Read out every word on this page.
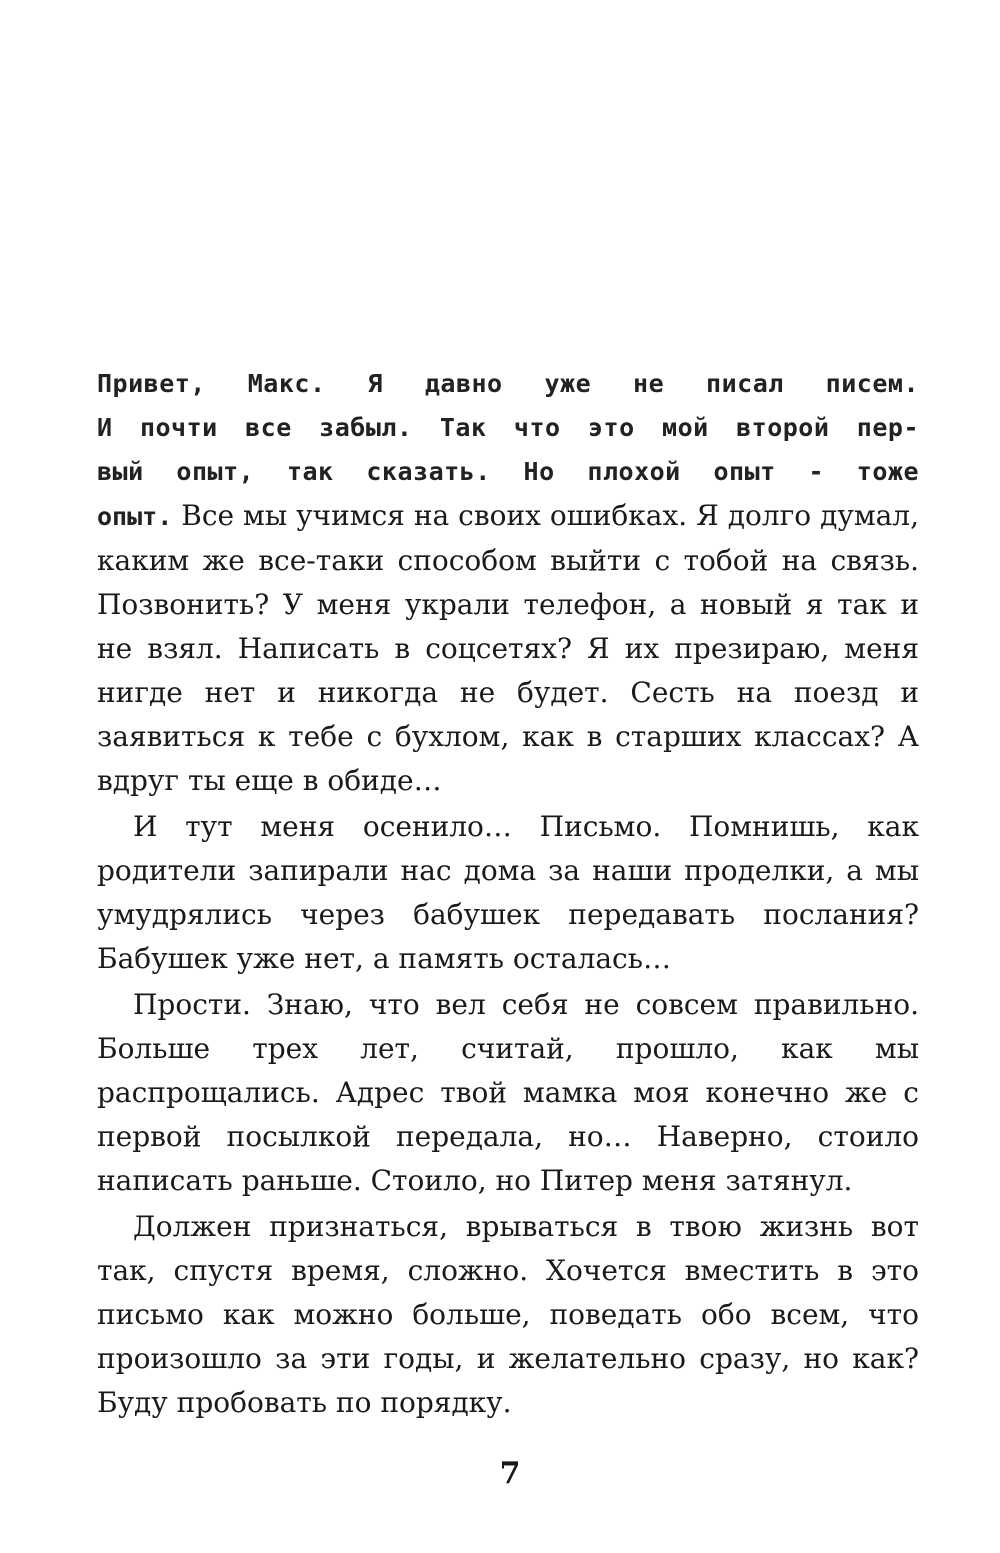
Привет, Макс. Я давно уже не писал писем.
И почти все забыл. Так что это мой второй пер-
вый опыт, так сказать. Но плохой опыт - тоже

опыт. Все мы учимся на своих ошибках. Я долго думал, каким же все-таки способом выйти с тобой на связь. Позвонить? У меня украли телефон, а новый я так и не взял. Написать в соцсетях? Я их презираю, меня нигде нет и никогда не будет. Сесть на поезд и заявиться к тебе с бухлом, как в старших классах? А вдруг ты еще в обиде…

И тут меня осенило… Письмо. Помнишь, как родители запирали нас дома за наши проделки, а мы умудрялись через бабушек передавать послания? Бабушек уже нет, а память осталась…

Прости. Знаю, что вел себя не совсем правильно. Больше трех лет, считай, прошло, как мы распрощались. Адрес твой мамка моя конечно же с первой посылкой передала, но… Наверно, стоило написать раньше. Стоило, но Питер меня затянул.

Должен признаться, врываться в твою жизнь вот так, спустя время, сложно. Хочется вместить в это письмо как можно больше, поведать обо всем, что произошло за эти годы, и желательно сразу, но как? Буду пробовать по порядку.

7
